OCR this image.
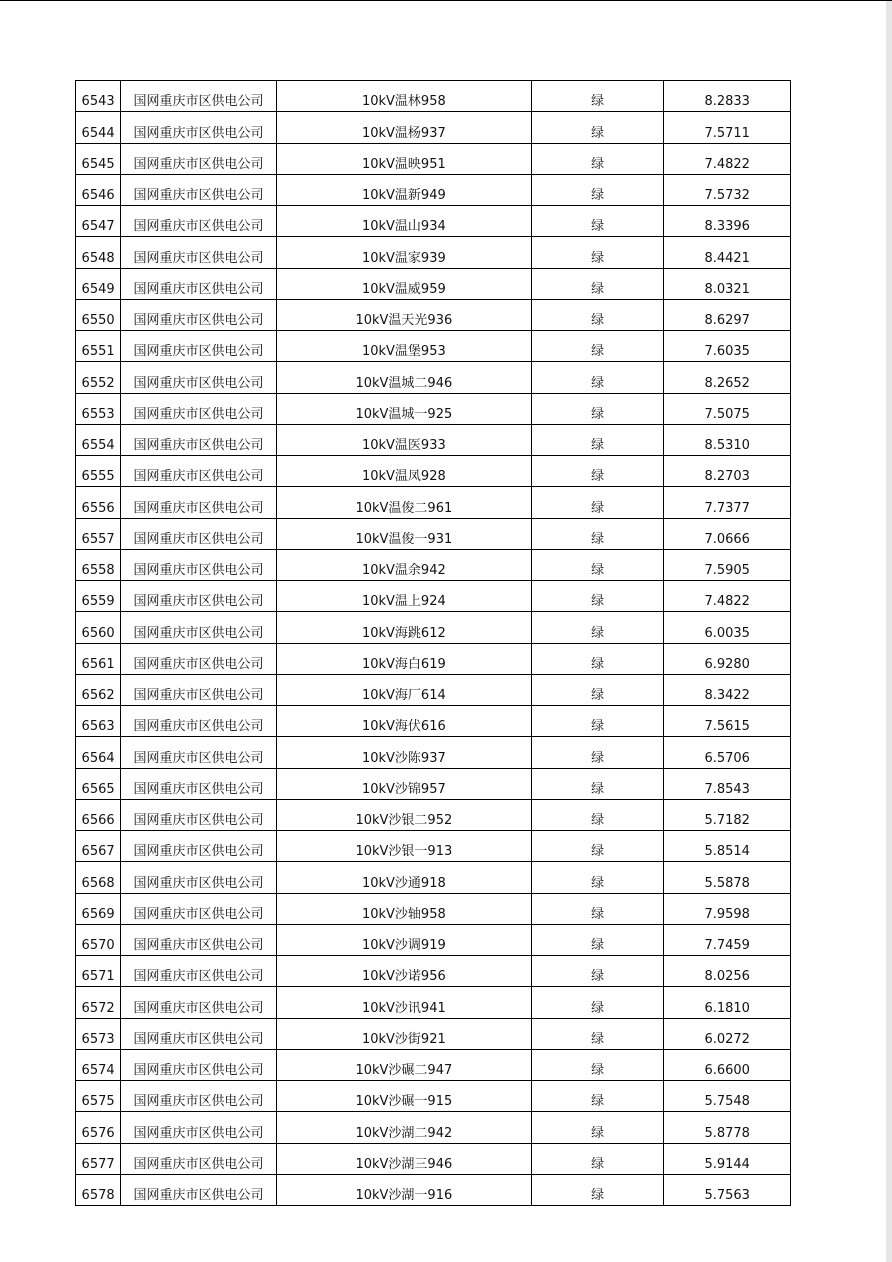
6543	国网重庆市区供电公司	10kV温林958	绿	8.2833
6544	国网重庆市区供电公司	10kV温杨937	绿	7.5711
6545	国网重庆市区供电公司	10kV温映951	绿	7.4822
6546	国网重庆市区供电公司	10kV温新949	绿	7.5732
6547	国网重庆市区供电公司	10kV温山934	绿	8.3396
6548	国网重庆市区供电公司	10kV温家939	绿	8.4421
6549	国网重庆市区供电公司	10kV温威959	绿	8.0321
6550	国网重庆市区供电公司	10kV温天光936	绿	8.6297
6551	国网重庆市区供电公司	10kV温堡953	绿	7.6035
6552	国网重庆市区供电公司	10kV温城二946	绿	8.2652
6553	国网重庆市区供电公司	10kV温城一925	绿	7.5075
6554	国网重庆市区供电公司	10kV温医933	绿	8.5310
6555	国网重庆市区供电公司	10kV温凤928	绿	8.2703
6556	国网重庆市区供电公司	10kV温俊二961	绿	7.7377
6557	国网重庆市区供电公司	10kV温俊一931	绿	7.0666
6558	国网重庆市区供电公司	10kV温余942	绿	7.5905
6559	国网重庆市区供电公司	10kV温上924	绿	7.4822
6560	国网重庆市区供电公司	10kV海跳612	绿	6.0035
6561	国网重庆市区供电公司	10kV海白619	绿	6.9280
6562	国网重庆市区供电公司	10kV海厂614	绿	8.3422
6563	国网重庆市区供电公司	10kV海伏616	绿	7.5615
6564	国网重庆市区供电公司	10kV沙陈937	绿	6.5706
6565	国网重庆市区供电公司	10kV沙锦957	绿	7.8543
6566	国网重庆市区供电公司	10kV沙银二952	绿	5.7182
6567	国网重庆市区供电公司	10kV沙银一913	绿	5.8514
6568	国网重庆市区供电公司	10kV沙通918	绿	5.5878
6569	国网重庆市区供电公司	10kV沙轴958	绿	7.9598
6570	国网重庆市区供电公司	10kV沙调919	绿	7.7459
6571	国网重庆市区供电公司	10kV沙诺956	绿	8.0256
6572	国网重庆市区供电公司	10kV沙讯941	绿	6.1810
6573	国网重庆市区供电公司	10kV沙街921	绿	6.0272
6574	国网重庆市区供电公司	10kV沙碾二947	绿	6.6600
6575	国网重庆市区供电公司	10kV沙碾一915	绿	5.7548
6576	国网重庆市区供电公司	10kV沙湖二942	绿	5.8778
6577	国网重庆市区供电公司	10kV沙湖三946	绿	5.9144
6578	国网重庆市区供电公司	10kV沙湖一916	绿	5.7563
